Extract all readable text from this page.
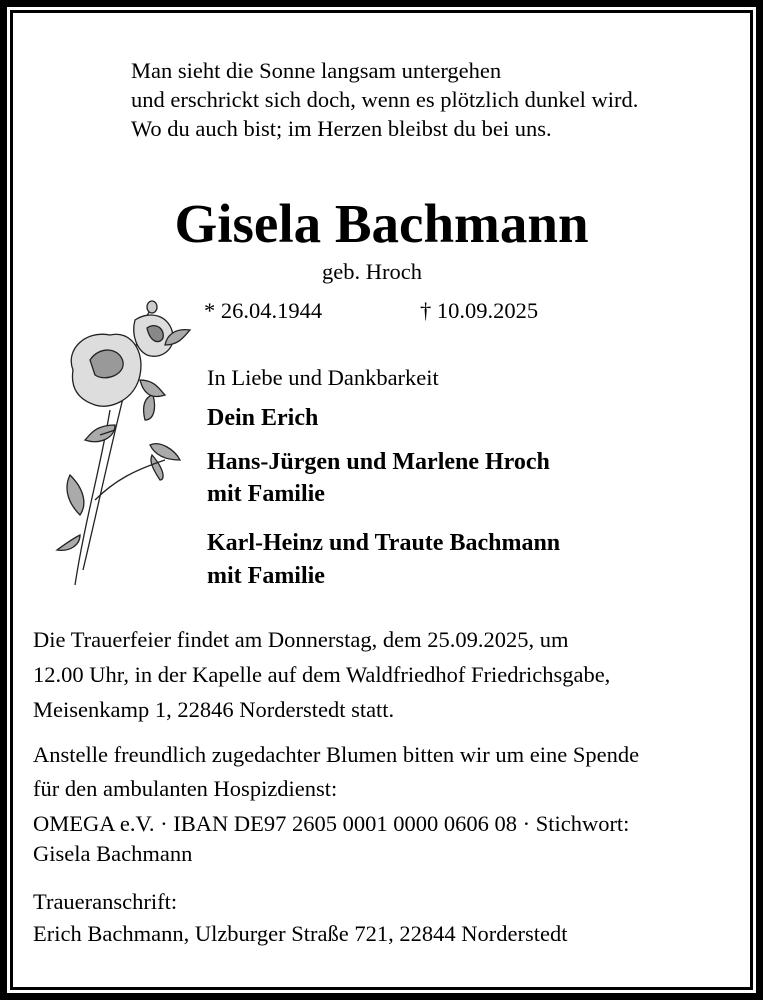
Man sieht die Sonne langsam untergehen
und erschrickt sich doch, wenn es plötzlich dunkel wird.
Wo du auch bist; im Herzen bleibst du bei uns.
Gisela Bachmann
geb. Hroch
* 26.04.1944	† 10.09.2025
In Liebe und Dankbarkeit
Dein Erich
Hans-Jürgen und Marlene Hroch
mit Familie
Karl-Heinz und Traute Bachmann
mit Familie
Die Trauerfeier findet am Donnerstag, dem 25.09.2025, um
12.00 Uhr, in der Kapelle auf dem Waldfriedhof Friedrichsgabe,
Meisenkamp 1, 22846 Norderstedt statt.
Anstelle freundlich zugedachter Blumen bitten wir um eine Spende
für den ambulanten Hospizdienst:
OMEGA e.V. · IBAN DE97 2605 0001 0000 0606 08 · Stichwort:
Gisela Bachmann
Traueranschrift:
Erich Bachmann, Ulzburger Straße 721, 22844 Norderstedt
